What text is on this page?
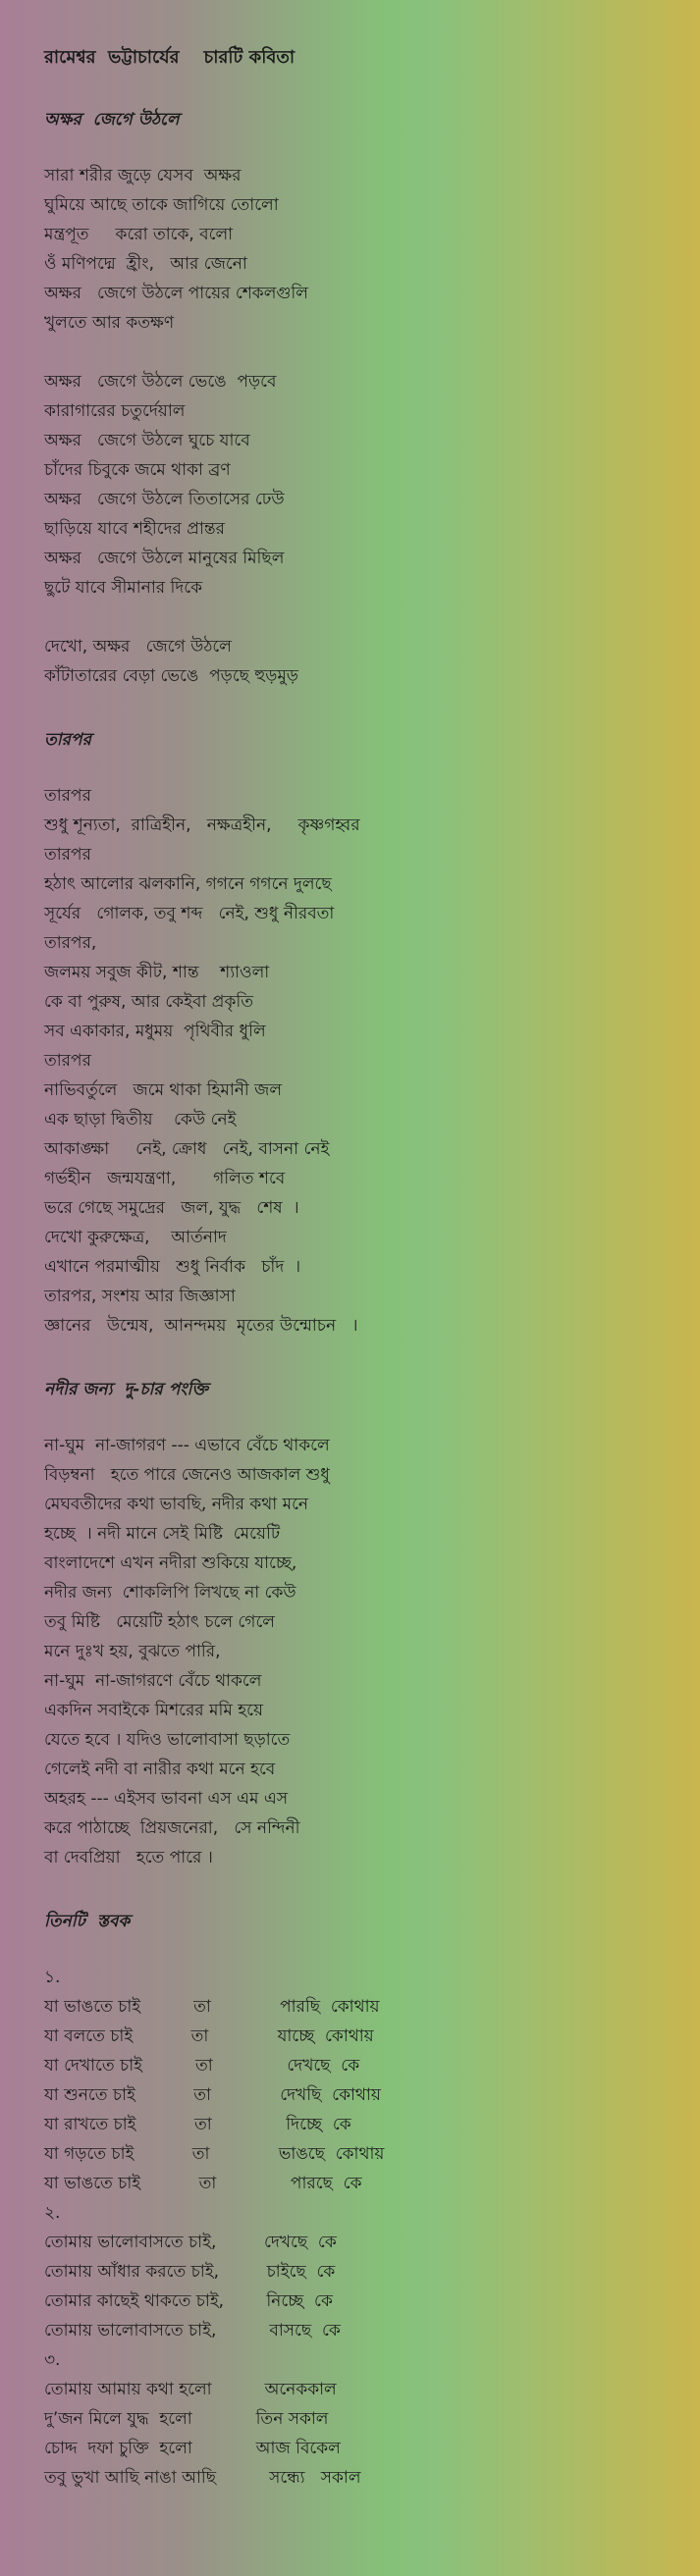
রামেশ্বর  ভট্টাচার্যের    চারটি কবিতা
অক্ষর  জেগে উঠলে
সারা শরীর জুড়ে যেসব  অক্ষর
ঘুমিয়ে আছে তাকে জাগিয়ে তোলো
মন্ত্রপূত     করো তাকে, বলো
ওঁ মণিপদ্মে  হ্রীং,   আর জেনো
অক্ষর   জেগে উঠলে পায়ের শেকলগুলি
খুলতে আর কতক্ষণ
অক্ষর   জেগে উঠলে ভেঙে  পড়বে
কারাগারের চতুর্দেয়াল
অক্ষর   জেগে উঠলে ঘুচে যাবে
চাঁদের চিবুকে জমে থাকা ব্রণ
অক্ষর   জেগে উঠলে তিতাসের ঢেউ
ছাড়িয়ে যাবে শহীদের প্রান্তর
অক্ষর   জেগে উঠলে মানুষের মিছিল
ছুটে যাবে সীমানার দিকে
দেখো, অক্ষর   জেগে উঠলে
কাঁটাতারের বেড়া ভেঙে  পড়ছে হুড়মুড়
তারপর
তারপর
শুধু শূন্যতা,  রাত্রিহীন,   নক্ষত্রহীন,     কৃষ্ণগহ্বর
তারপর
হঠাৎ আলোর ঝলকানি, গগনে গগনে দুলছে
সূর্যের   গোলক, তবু শব্দ   নেই, শুধু নীরবতা
তারপর,
জলময় সবুজ কীট, শান্ত    শ্যাওলা
কে বা পুরুষ, আর কেইবা প্রকৃতি
সব একাকার, মধুময়  পৃথিবীর ধুলি
তারপর
নাভিবর্তুলে   জমে থাকা হিমানী জল
এক ছাড়া দ্বিতীয়    কেউ নেই
আকাঙ্ক্ষা     নেই, ক্রোধ   নেই, বাসনা নেই
গর্ভহীন   জন্মযন্ত্রণা,       গলিত শবে
ভরে গেছে সমুদ্রের   জল, যুদ্ধ   শেষ  ।
দেখো কুরুক্ষেত্র,    আর্তনাদ
এখানে পরমাত্মীয়   শুধু নির্বাক   চাঁদ  ।
তারপর, সংশয় আর জিজ্ঞাসা
জ্ঞানের   উন্মেষ,  আনন্দময়  মৃতের উন্মোচন   ।
নদীর জন্য  দু-চার পংক্তি
না-ঘুম  না-জাগরণ --- এভাবে বেঁচে থাকলে
বিড়ম্বনা   হতে পারে জেনেও আজকাল শুধু
মেঘবতীদের কথা ভাবছি, নদীর কথা মনে
হচ্ছে  । নদী মানে সেই মিষ্টি  মেয়েটি
বাংলাদেশে এখন নদীরা শুকিয়ে যাচ্ছে,
নদীর জন্য  শোকলিপি লিখছে না কেউ
তবু মিষ্টি   মেয়েটি হঠাৎ চলে গেলে
মনে দুঃখ হয়, বুঝতে পারি,
না-ঘুম  না-জাগরণে বেঁচে থাকলে
একদিন সবাইকে মিশরের মমি হয়ে
যেতে হবে । যদিও ভালোবাসা ছড়াতে
গেলেই নদী বা নারীর কথা মনে হবে
অহরহ --- এইসব ভাবনা এস এম এস
করে পাঠাচ্ছে  প্রিয়জনেরা,   সে নন্দিনী
বা দেবপ্রিয়া   হতে পারে ।
তিনটি  স্তবক
১.
যা ভাঙতে চাই          তা             পারছি  কোথায়
যা বলতে চাই           তা             যাচ্ছে  কোথায়
যা দেখাতে চাই          তা              দেখছে  কে
যা শুনতে চাই           তা             দেখছি  কোথায়
যা রাখতে চাই           তা              দিচ্ছে  কে
যা গড়তে চাই           তা             ভাঙছে  কোথায়
যা ভাঙতে চাই           তা              পারছে  কে
২.
তোমায় ভালোবাসতে চাই,         দেখছে  কে
তোমায় আঁধার করতে চাই,         চাইছে  কে
তোমার কাছেই থাকতে চাই,        নিচ্ছে  কে
তোমায় ভালোবাসতে চাই,          বাসছে  কে
৩.
তোমায় আমায় কথা হলো          অনেককাল
দু’জন মিলে যুদ্ধ  হলো            তিন সকাল
চোদ্দ  দফা চুক্তি  হলো            আজ বিকেল
তবু ভুখা আছি নাঙা আছি          সন্ধ্যে   সকাল
